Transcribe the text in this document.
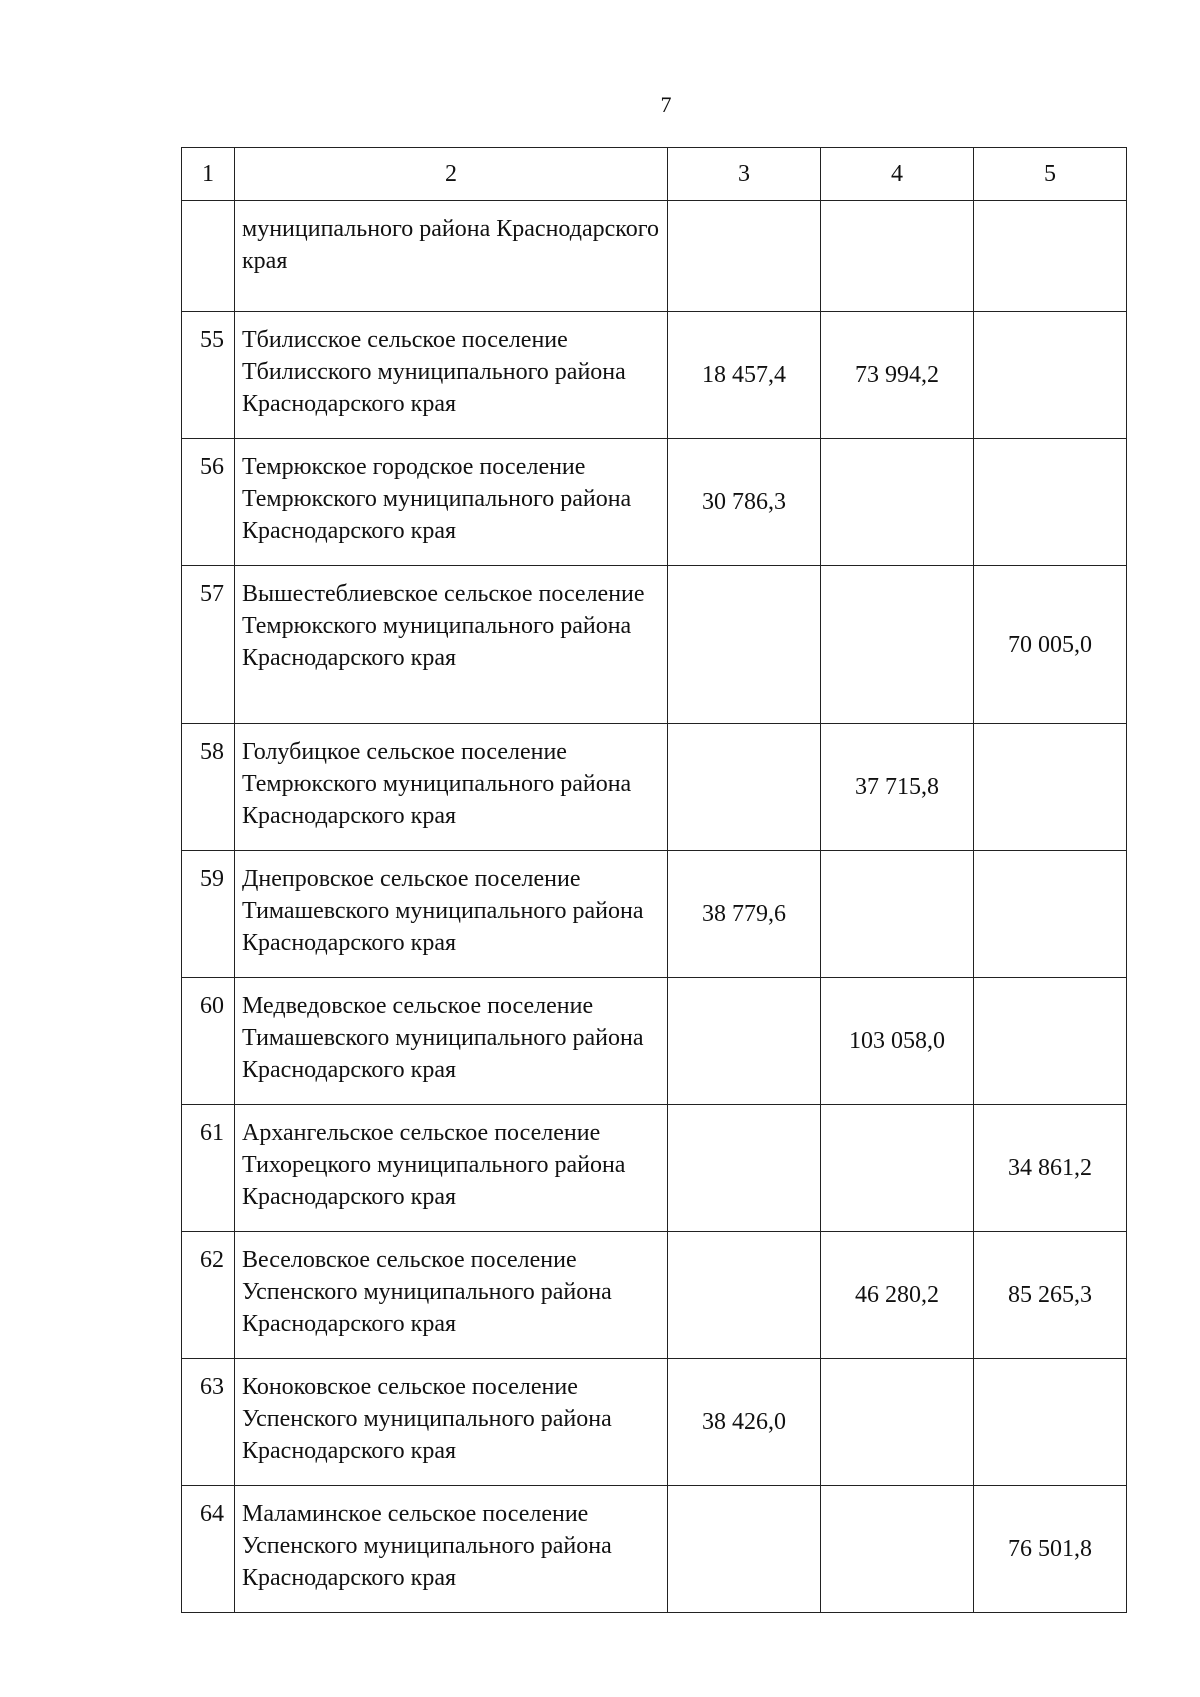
7
1	2	3	4	5
	муниципального района Краснодарского края			
55	Тбилисское сельское поселение Тбилисского муниципального района Краснодарского края	18 457,4	73 994,2	
56	Темрюкское городское поселение Темрюкского муниципального района Краснодарского края	30 786,3		
57	Вышестеблиевское сельское поселение Темрюкского муниципального района Краснодарского края			70 005,0
58	Голубицкое сельское поселение Темрюкского муниципального района Краснодарского края		37 715,8	
59	Днепровское сельское поселение Тимашевского муниципального района Краснодарского края	38 779,6		
60	Медведовское сельское поселение Тимашевского муниципального района Краснодарского края		103 058,0	
61	Архангельское сельское поселение Тихорецкого муниципального района Краснодарского края			34 861,2
62	Веселовское сельское поселение Успенского муниципального района Краснодарского края		46 280,2	85 265,3
63	Коноковское сельское поселение Успенского муниципального района Краснодарского края	38 426,0		
64	Маламинское сельское поселение Успенского муниципального района Краснодарского края			76 501,8
